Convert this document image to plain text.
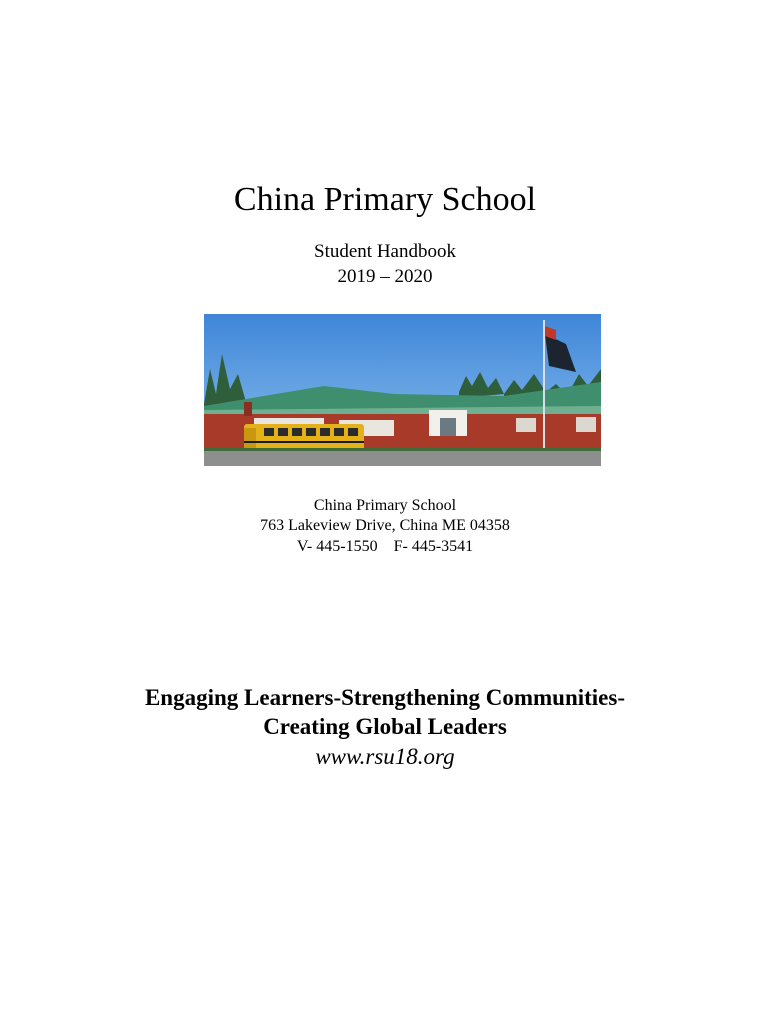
China Primary School
Student Handbook
2019 – 2020
China Primary School
763 Lakeview Drive, China ME 04358
V- 445-1550    F- 445-3541
Engaging Learners-Strengthening Communities-
Creating Global Leaders
www.rsu18.org
